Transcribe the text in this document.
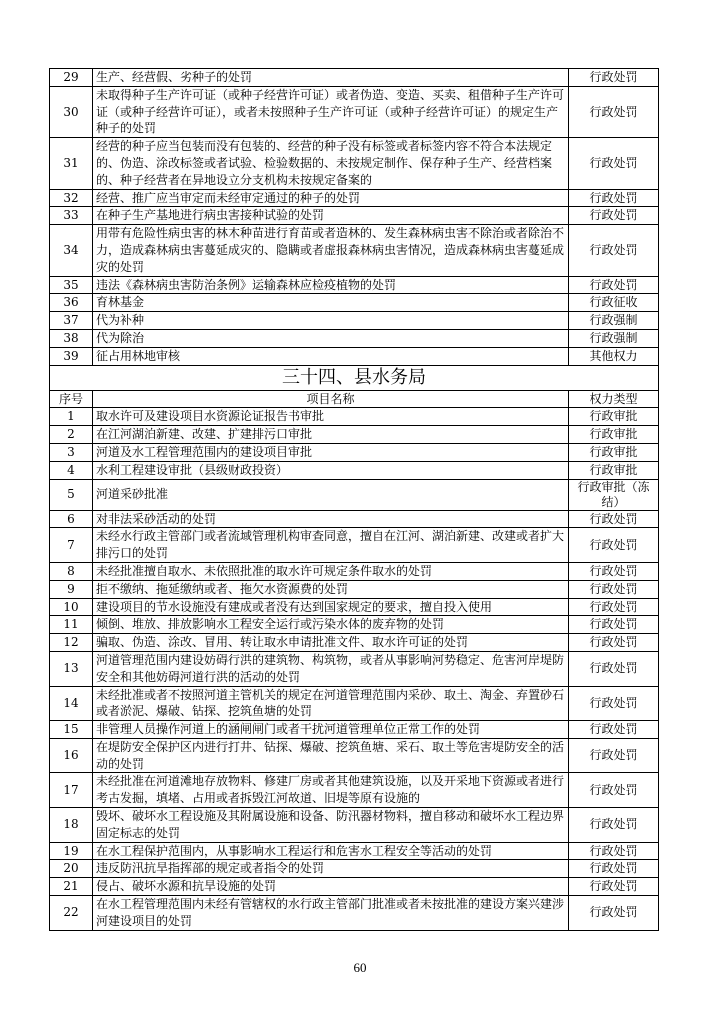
29	生产、经营假、劣种子的处罚	行政处罚
30	未取得种子生产许可证（或种子经营许可证）或者伪造、变造、买卖、租借种子生产许可证（或种子经营许可证），或者未按照种子生产许可证（或种子经营许可证）的规定生产种子的处罚	行政处罚
31	经营的种子应当包装而没有包装的、经营的种子没有标签或者标签内容不符合本法规定的、伪造、涂改标签或者试验、检验数据的、未按规定制作、保存种子生产、经营档案的、种子经营者在异地设立分支机构未按规定备案的	行政处罚
32	经营、推广应当审定而未经审定通过的种子的处罚	行政处罚
33	在种子生产基地进行病虫害接种试验的处罚	行政处罚
34	用带有危险性病虫害的林木种苗进行育苗或者造林的、发生森林病虫害不除治或者除治不力，造成森林病虫害蔓延成灾的、隐瞒或者虚报森林病虫害情况，造成森林病虫害蔓延成灾的处罚	行政处罚
35	违法《森林病虫害防治条例》运输森林应检疫植物的处罚	行政处罚
36	育林基金	行政征收
37	代为补种	行政强制
38	代为除治	行政强制
39	征占用林地审核	其他权力
三十四、县水务局		
序号	项目名称	权力类型
1	取水许可及建设项目水资源论证报告书审批	行政审批
2	在江河湖泊新建、改建、扩建排污口审批	行政审批
3	河道及水工程管理范围内的建设项目审批	行政审批
4	水利工程建设审批（县级财政投资）	行政审批
5	河道采砂批准	行政审批（冻结）
6	对非法采砂活动的处罚	行政处罚
7	未经水行政主管部门或者流域管理机构审查同意，擅自在江河、湖泊新建、改建或者扩大排污口的处罚	行政处罚
8	未经批准擅自取水、未依照批准的取水许可规定条件取水的处罚	行政处罚
9	拒不缴纳、拖延缴纳或者、拖欠水资源费的处罚	行政处罚
10	建设项目的节水设施没有建成或者没有达到国家规定的要求，擅自投入使用	行政处罚
11	倾倒、堆放、排放影响水工程安全运行或污染水体的废弃物的处罚	行政处罚
12	骗取、伪造、涂改、冒用、转让取水申请批准文件、取水许可证的处罚	行政处罚
13	河道管理范围内建设妨碍行洪的建筑物、构筑物，或者从事影响河势稳定、危害河岸堤防安全和其他妨碍河道行洪的活动的处罚	行政处罚
14	未经批准或者不按照河道主管机关的规定在河道管理范围内采砂、取土、淘金、弃置砂石或者淤泥、爆破、钻探、挖筑鱼塘的处罚	行政处罚
15	非管理人员操作河道上的涵闸闸门或者干扰河道管理单位正常工作的处罚	行政处罚
16	在堤防安全保护区内进行打井、钻探、爆破、挖筑鱼塘、采石、取土等危害堤防安全的活动的处罚	行政处罚
17	未经批准在河道滩地存放物料、修建厂房或者其他建筑设施，以及开采地下资源或者进行考古发掘，填堵、占用或者拆毁江河故道、旧堤等原有设施的	行政处罚
18	毁坏、破坏水工程设施及其附属设施和设备、防汛器材物料，擅自移动和破坏水工程边界固定标志的处罚	行政处罚
19	在水工程保护范围内，从事影响水工程运行和危害水工程安全等活动的处罚	行政处罚
20	违反防汛抗旱指挥部的规定或者指令的处罚	行政处罚
21	侵占、破坏水源和抗旱设施的处罚	行政处罚
22	在水工程管理范围内未经有管辖权的水行政主管部门批准或者未按批准的建设方案兴建涉河建设项目的处罚	行政处罚
60
